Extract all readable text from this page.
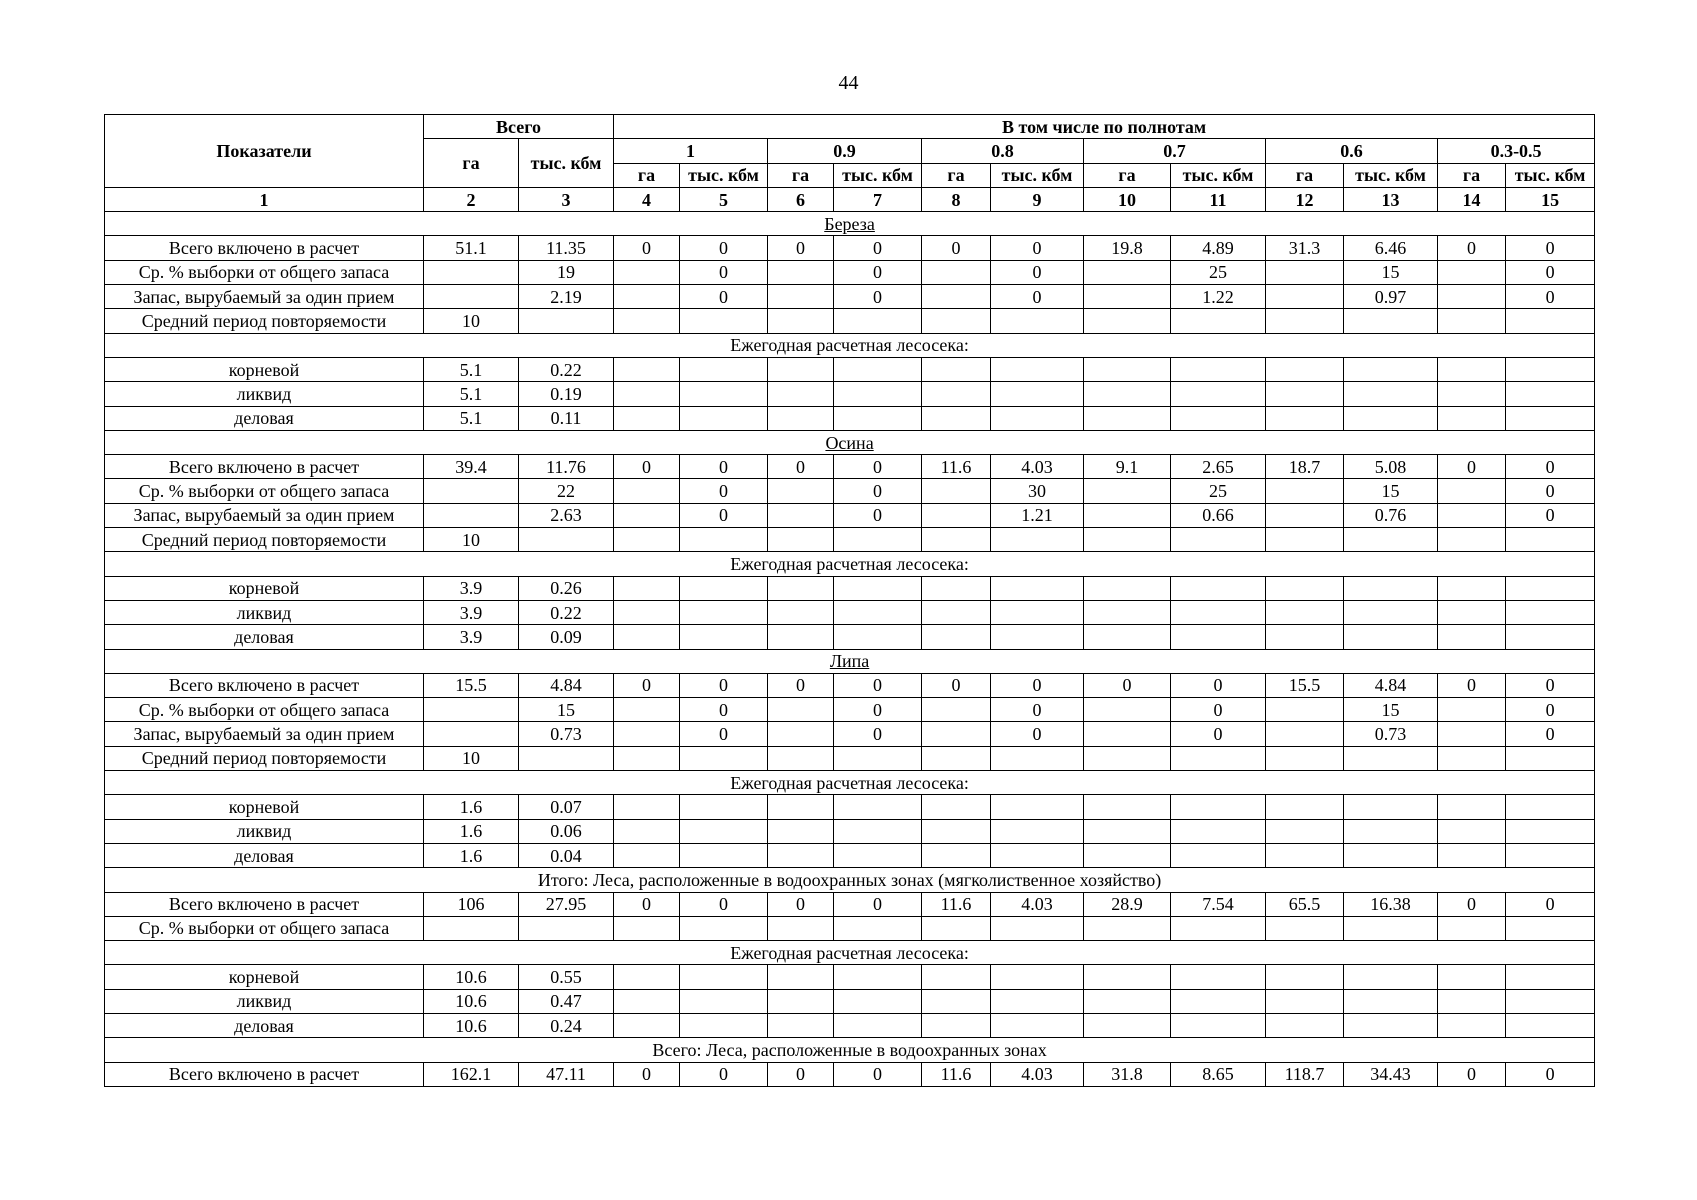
44
Показатели	Всего		В том числе по полнотам											
	га	тыс. кбм	1		0.9		0.8		0.7		0.6		0.3-0.5	
			га	тыс. кбм	га	тыс. кбм	га	тыс. кбм	га	тыс. кбм	га	тыс. кбм	га	тыс. кбм
1	2	3	4	5	6	7	8	9	10	11	12	13	14	15
Береза														
Всего включено в расчет	51.1	11.35	0	0	0	0	0	0	19.8	4.89	31.3	6.46	0	0
Ср. % выборки от общего запаса		19		0		0		0		25		15		0
Запас, вырубаемый за один прием		2.19		0		0		0		1.22		0.97		0
Средний период повторяемости	10													
Ежегодная расчетная лесосека:														
корневой	5.1	0.22												
ликвид	5.1	0.19												
деловая	5.1	0.11												
Осина														
Всего включено в расчет	39.4	11.76	0	0	0	0	11.6	4.03	9.1	2.65	18.7	5.08	0	0
Ср. % выборки от общего запаса		22		0		0		30		25		15		0
Запас, вырубаемый за один прием		2.63		0		0		1.21		0.66		0.76		0
Средний период повторяемости	10													
Ежегодная расчетная лесосека:														
корневой	3.9	0.26												
ликвид	3.9	0.22												
деловая	3.9	0.09												
Липа														
Всего включено в расчет	15.5	4.84	0	0	0	0	0	0	0	0	15.5	4.84	0	0
Ср. % выборки от общего запаса		15		0		0		0		0		15		0
Запас, вырубаемый за один прием		0.73		0		0		0		0		0.73		0
Средний период повторяемости	10													
Ежегодная расчетная лесосека:														
корневой	1.6	0.07												
ликвид	1.6	0.06												
деловая	1.6	0.04												
Итого: Леса, расположенные в водоохранных зонах (мягколиственное хозяйство)														
Всего включено в расчет	106	27.95	0	0	0	0	11.6	4.03	28.9	7.54	65.5	16.38	0	0
Ср. % выборки от общего запаса														
Ежегодная расчетная лесосека:														
корневой	10.6	0.55												
ликвид	10.6	0.47												
деловая	10.6	0.24												
Всего: Леса, расположенные в водоохранных зонах														
Всего включено в расчет	162.1	47.11	0	0	0	0	11.6	4.03	31.8	8.65	118.7	34.43	0	0
